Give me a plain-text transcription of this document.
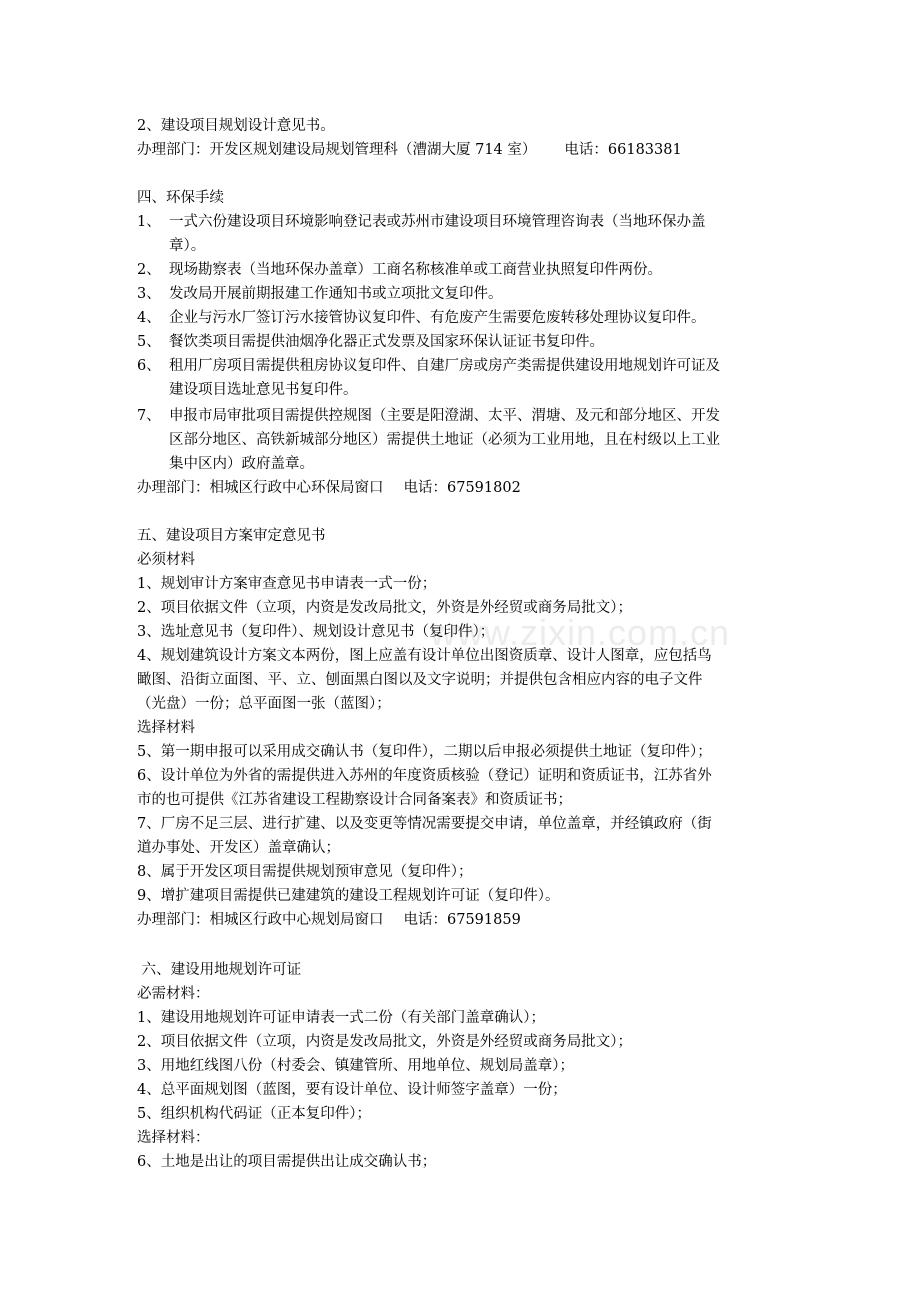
www.zixin.com.cn
2、建设项目规划设计意见书。
办理部门：开发区规划建设局规划管理科（漕湖大厦 714 室） 电话：66183381
四、环保手续
1、 一式六份建设项目环境影响登记表或苏州市建设项目环境管理咨询表（当地环保办盖
章）。
2、 现场勘察表（当地环保办盖章）工商名称核准单或工商营业执照复印件两份。
3、 发改局开展前期报建工作通知书或立项批文复印件。
4、 企业与污水厂签订污水接管协议复印件、有危废产生需要危废转移处理协议复印件。
5、 餐饮类项目需提供油烟净化器正式发票及国家环保认证证书复印件。
6、 租用厂房项目需提供租房协议复印件、自建厂房或房产类需提供建设用地规划许可证及
建设项目选址意见书复印件。
7、 申报市局审批项目需提供控规图（主要是阳澄湖、太平、渭塘、及元和部分地区、开发
区部分地区、高铁新城部分地区）需提供土地证（必须为工业用地，且在村级以上工业
集中区内）政府盖章。
办理部门：相城区行政中心环保局窗口 电话：67591802
五、建设项目方案审定意见书
必须材料
1、规划审计方案审查意见书申请表一式一份；
2、项目依据文件（立项，内资是发改局批文，外资是外经贸或商务局批文）；
3、选址意见书（复印件）、规划设计意见书（复印件）；
4、规划建筑设计方案文本两份，图上应盖有设计单位出图资质章、设计人图章，应包括鸟
瞰图、沿街立面图、平、立、刨面黑白图以及文字说明；并提供包含相应内容的电子文件
（光盘）一份；总平面图一张（蓝图）；
选择材料
5、第一期申报可以采用成交确认书（复印件），二期以后申报必须提供土地证（复印件）；
6、设计单位为外省的需提供进入苏州的年度资质核验（登记）证明和资质证书，江苏省外
市的也可提供《江苏省建设工程勘察设计合同备案表》和资质证书；
7、厂房不足三层、进行扩建、以及变更等情况需要提交申请，单位盖章，并经镇政府（街
道办事处、开发区）盖章确认；
8、属于开发区项目需提供规划预审意见（复印件）；
9、增扩建项目需提供已建建筑的建设工程规划许可证（复印件）。
办理部门：相城区行政中心规划局窗口 电话：67591859
六、建设用地规划许可证
必需材料：
1、建设用地规划许可证申请表一式二份（有关部门盖章确认）；
2、项目依据文件（立项，内资是发改局批文，外资是外经贸或商务局批文）；
3、用地红线图八份（村委会、镇建管所、用地单位、规划局盖章）；
4、总平面规划图（蓝图，要有设计单位、设计师签字盖章）一份；
5、组织机构代码证（正本复印件）；
选择材料：
6、土地是出让的项目需提供出让成交确认书；
